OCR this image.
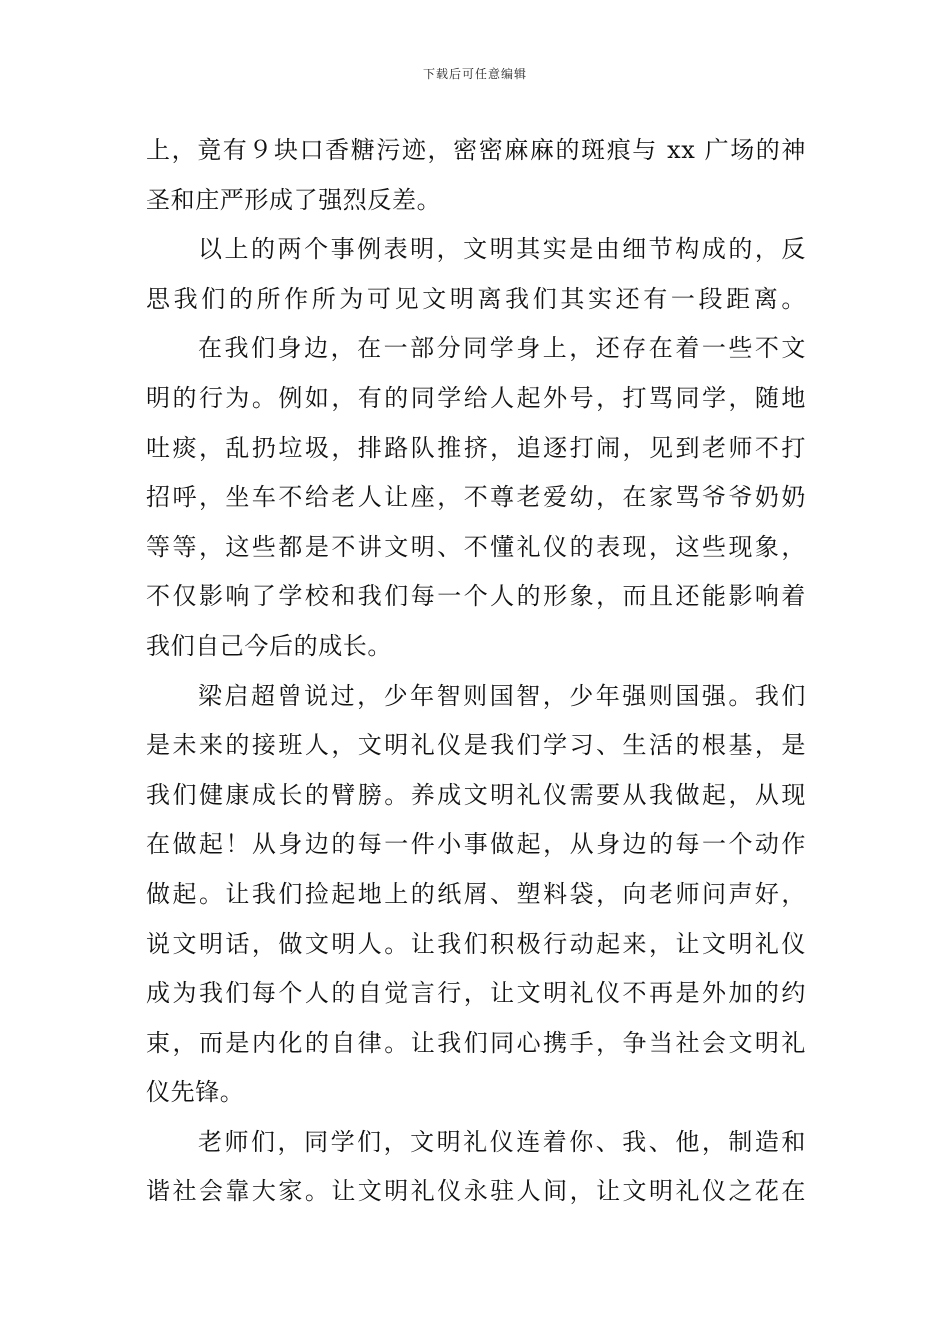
下载后可任意编辑
上，竟有９块口香糖污迹，密密麻麻的斑痕与 xx 广场的神
圣和庄严形成了强烈反差。
以上的两个事例表明，文明其实是由细节构成的，反
思我们的所作所为可见文明离我们其实还有一段距离。
在我们身边，在一部分同学身上，还存在着一些不文
明的行为。例如，有的同学给人起外号，打骂同学，随地
吐痰，乱扔垃圾，排路队推挤，追逐打闹，见到老师不打
招呼，坐车不给老人让座，不尊老爱幼，在家骂爷爷奶奶
等等，这些都是不讲文明、不懂礼仪的表现，这些现象，
不仅影响了学校和我们每一个人的形象，而且还能影响着
我们自己今后的成长。
梁启超曾说过，少年智则国智，少年强则国强。我们
是未来的接班人，文明礼仪是我们学习、生活的根基，是
我们健康成长的臂膀。养成文明礼仪需要从我做起，从现
在做起！从身边的每一件小事做起，从身边的每一个动作
做起。让我们捡起地上的纸屑、塑料袋，向老师问声好，
说文明话，做文明人。让我们积极行动起来，让文明礼仪
成为我们每个人的自觉言行，让文明礼仪不再是外加的约
束，而是内化的自律。让我们同心携手，争当社会文明礼
仪先锋。
老师们，同学们，文明礼仪连着你、我、他，制造和
谐社会靠大家。让文明礼仪永驻人间，让文明礼仪之花在
